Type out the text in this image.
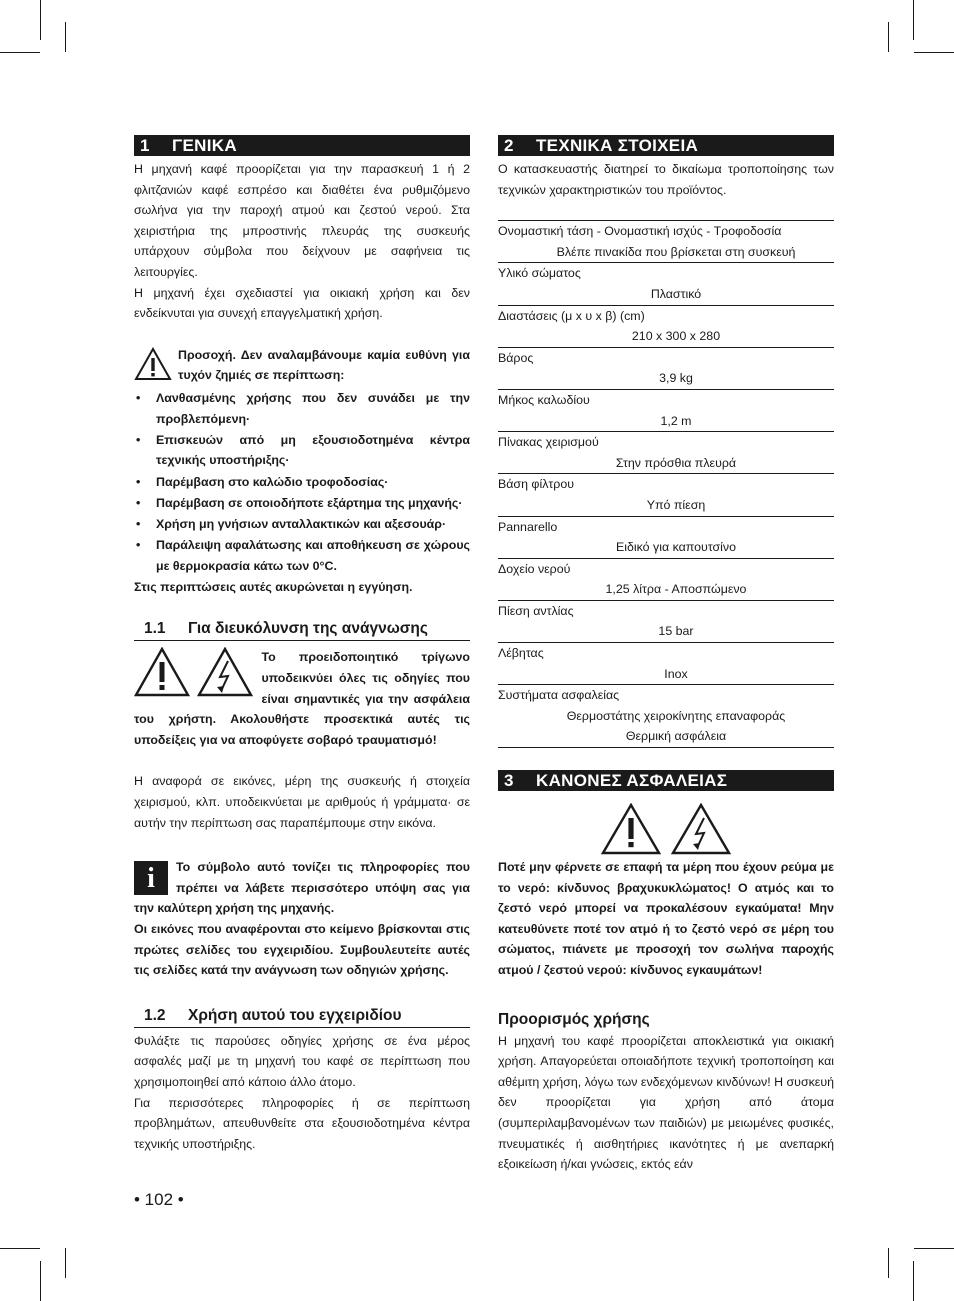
1 ΓΕΝΙΚΑ

Η μηχανή καφέ προορίζεται για την παρασκευή 1 ή 2 φλιτζανιών καφέ εσπρέσο και διαθέτει ένα ρυθμιζόμενο σωλήνα για την παροχή ατμού και ζεστού νερού. Στα χειριστήρια της μπροστινής πλευράς της συσκευής υπάρχουν σύμβολα που δείχνουν με σαφήνεια τις λειτουργίες.

Η μηχανή έχει σχεδιαστεί για οικιακή χρήση και δεν ενδείκνυται για συνεχή επαγγελματική χρήση.

Προσοχή. Δεν αναλαμβάνουμε καμία ευθύνη για τυχόν ζημιές σε περίπτωση:
• Λανθασμένης χρήσης που δεν συνάδει με την προβλεπόμενη·
• Επισκευών από μη εξουσιοδοτημένα κέντρα τεχνικής υποστήριξης·
• Παρέμβαση στο καλώδιο τροφοδοσίας·
• Παρέμβαση σε οποιοδήποτε εξάρτημα της μηχανής·
• Χρήση μη γνήσιων ανταλλακτικών και αξεσουάρ·
• Παράλειψη αφαλάτωσης και αποθήκευση σε χώρους με θερμοκρασία κάτω των 0°C.

Στις περιπτώσεις αυτές ακυρώνεται η εγγύηση.

1.1 Για διευκόλυνση της ανάγνωσης

Το προειδοποιητικό τρίγωνο υποδεικνύει όλες τις οδηγίες που είναι σημαντικές για την ασφάλεια του χρήστη. Ακολουθήστε προσεκτικά αυτές τις υποδείξεις για να αποφύγετε σοβαρό τραυματισμό!

Η αναφορά σε εικόνες, μέρη της συσκευής ή στοιχεία χειρισμού, κλπ. υποδεικνύεται με αριθμούς ή γράμματα· σε αυτήν την περίπτωση σας παραπέμπουμε στην εικόνα.

i	Το σύμβολο αυτό τονίζει τις πληροφορίες που πρέπει να λάβετε περισσότερο υπόψη σας για την καλύτερη χρήση της μηχανής.

Οι εικόνες που αναφέρονται στο κείμενο βρίσκονται στις πρώτες σελίδες του εγχειριδίου. Συμβουλευτείτε αυτές τις σελίδες κατά την ανάγνωση των οδηγιών χρήσης.

1.2 Χρήση αυτού του εγχειριδίου

Φυλάξτε τις παρούσες οδηγίες χρήσης σε ένα μέρος ασφαλές μαζί με τη μηχανή του καφέ σε περίπτωση που χρησιμοποιηθεί από κάποιο άλλο άτομο.

Για περισσότερες πληροφορίες ή σε περίπτωση προβλημάτων, απευθυνθείτε στα εξουσιοδοτημένα κέντρα τεχνικής υποστήριξης.

2 ΤΕΧΝΙΚΑ ΣΤΟΙΧΕΙΑ

Ο κατασκευαστής διατηρεί το δικαίωμα τροποποίησης των τεχνικών χαρακτηριστικών του προϊόντος.

Ονομαστική τάση - Ονομαστική ισχύς - Τροφοδοσία
Βλέπε πινακίδα που βρίσκεται στη συσκευή
Υλικό σώματος
Πλαστικό
Διαστάσεις (μ x υ x β) (cm)
210 x 300 x 280
Βάρος
3,9 kg
Μήκος καλωδίου
1,2 m
Πίνακας χειρισμού
Στην πρόσθια πλευρά
Βάση φίλτρου
Υπό πίεση
Pannarello
Ειδικό για καπουτσίνο
Δοχείο νερού
1,25 λίτρα - Αποσπώμενο
Πίεση αντλίας
15 bar
Λέβητας
Inox
Συστήματα ασφαλείας
Θερμοστάτης χειροκίνητης επαναφοράς
Θερμική ασφάλεια
3 ΚΑΝΟΝΕΣ ΑΣΦΑΛΕΙΑΣ

Ποτέ μην φέρνετε σε επαφή τα μέρη που έχουν ρεύμα με το νερό: κίνδυνος βραχυκυκλώματος! Ο ατμός και το ζεστό νερό μπορεί να προκαλέσουν εγκαύματα! Μην κατευθύνετε ποτέ τον ατμό ή το ζεστό νερό σε μέρη του σώματος, πιάνετε με προσοχή τον σωλήνα παροχής ατμού / ζεστού νερού: κίνδυνος εγκαυμάτων!

Προορισμός χρήσης

Η μηχανή του καφέ προορίζεται αποκλειστικά για οικιακή χρήση. Απαγορεύεται οποιαδήποτε τεχνική τροποποίηση και αθέμιτη χρήση, λόγω των ενδεχόμενων κινδύνων! Η συσκευή δεν προορίζεται για χρήση από άτομα (συμπεριλαμβανομένων των παιδιών) με μειωμένες φυσικές, πνευματικές ή αισθητήριες ικανότητες ή με ανεπαρκή εξοικείωση ή/και γνώσεις, εκτός εάν

• 102 •
